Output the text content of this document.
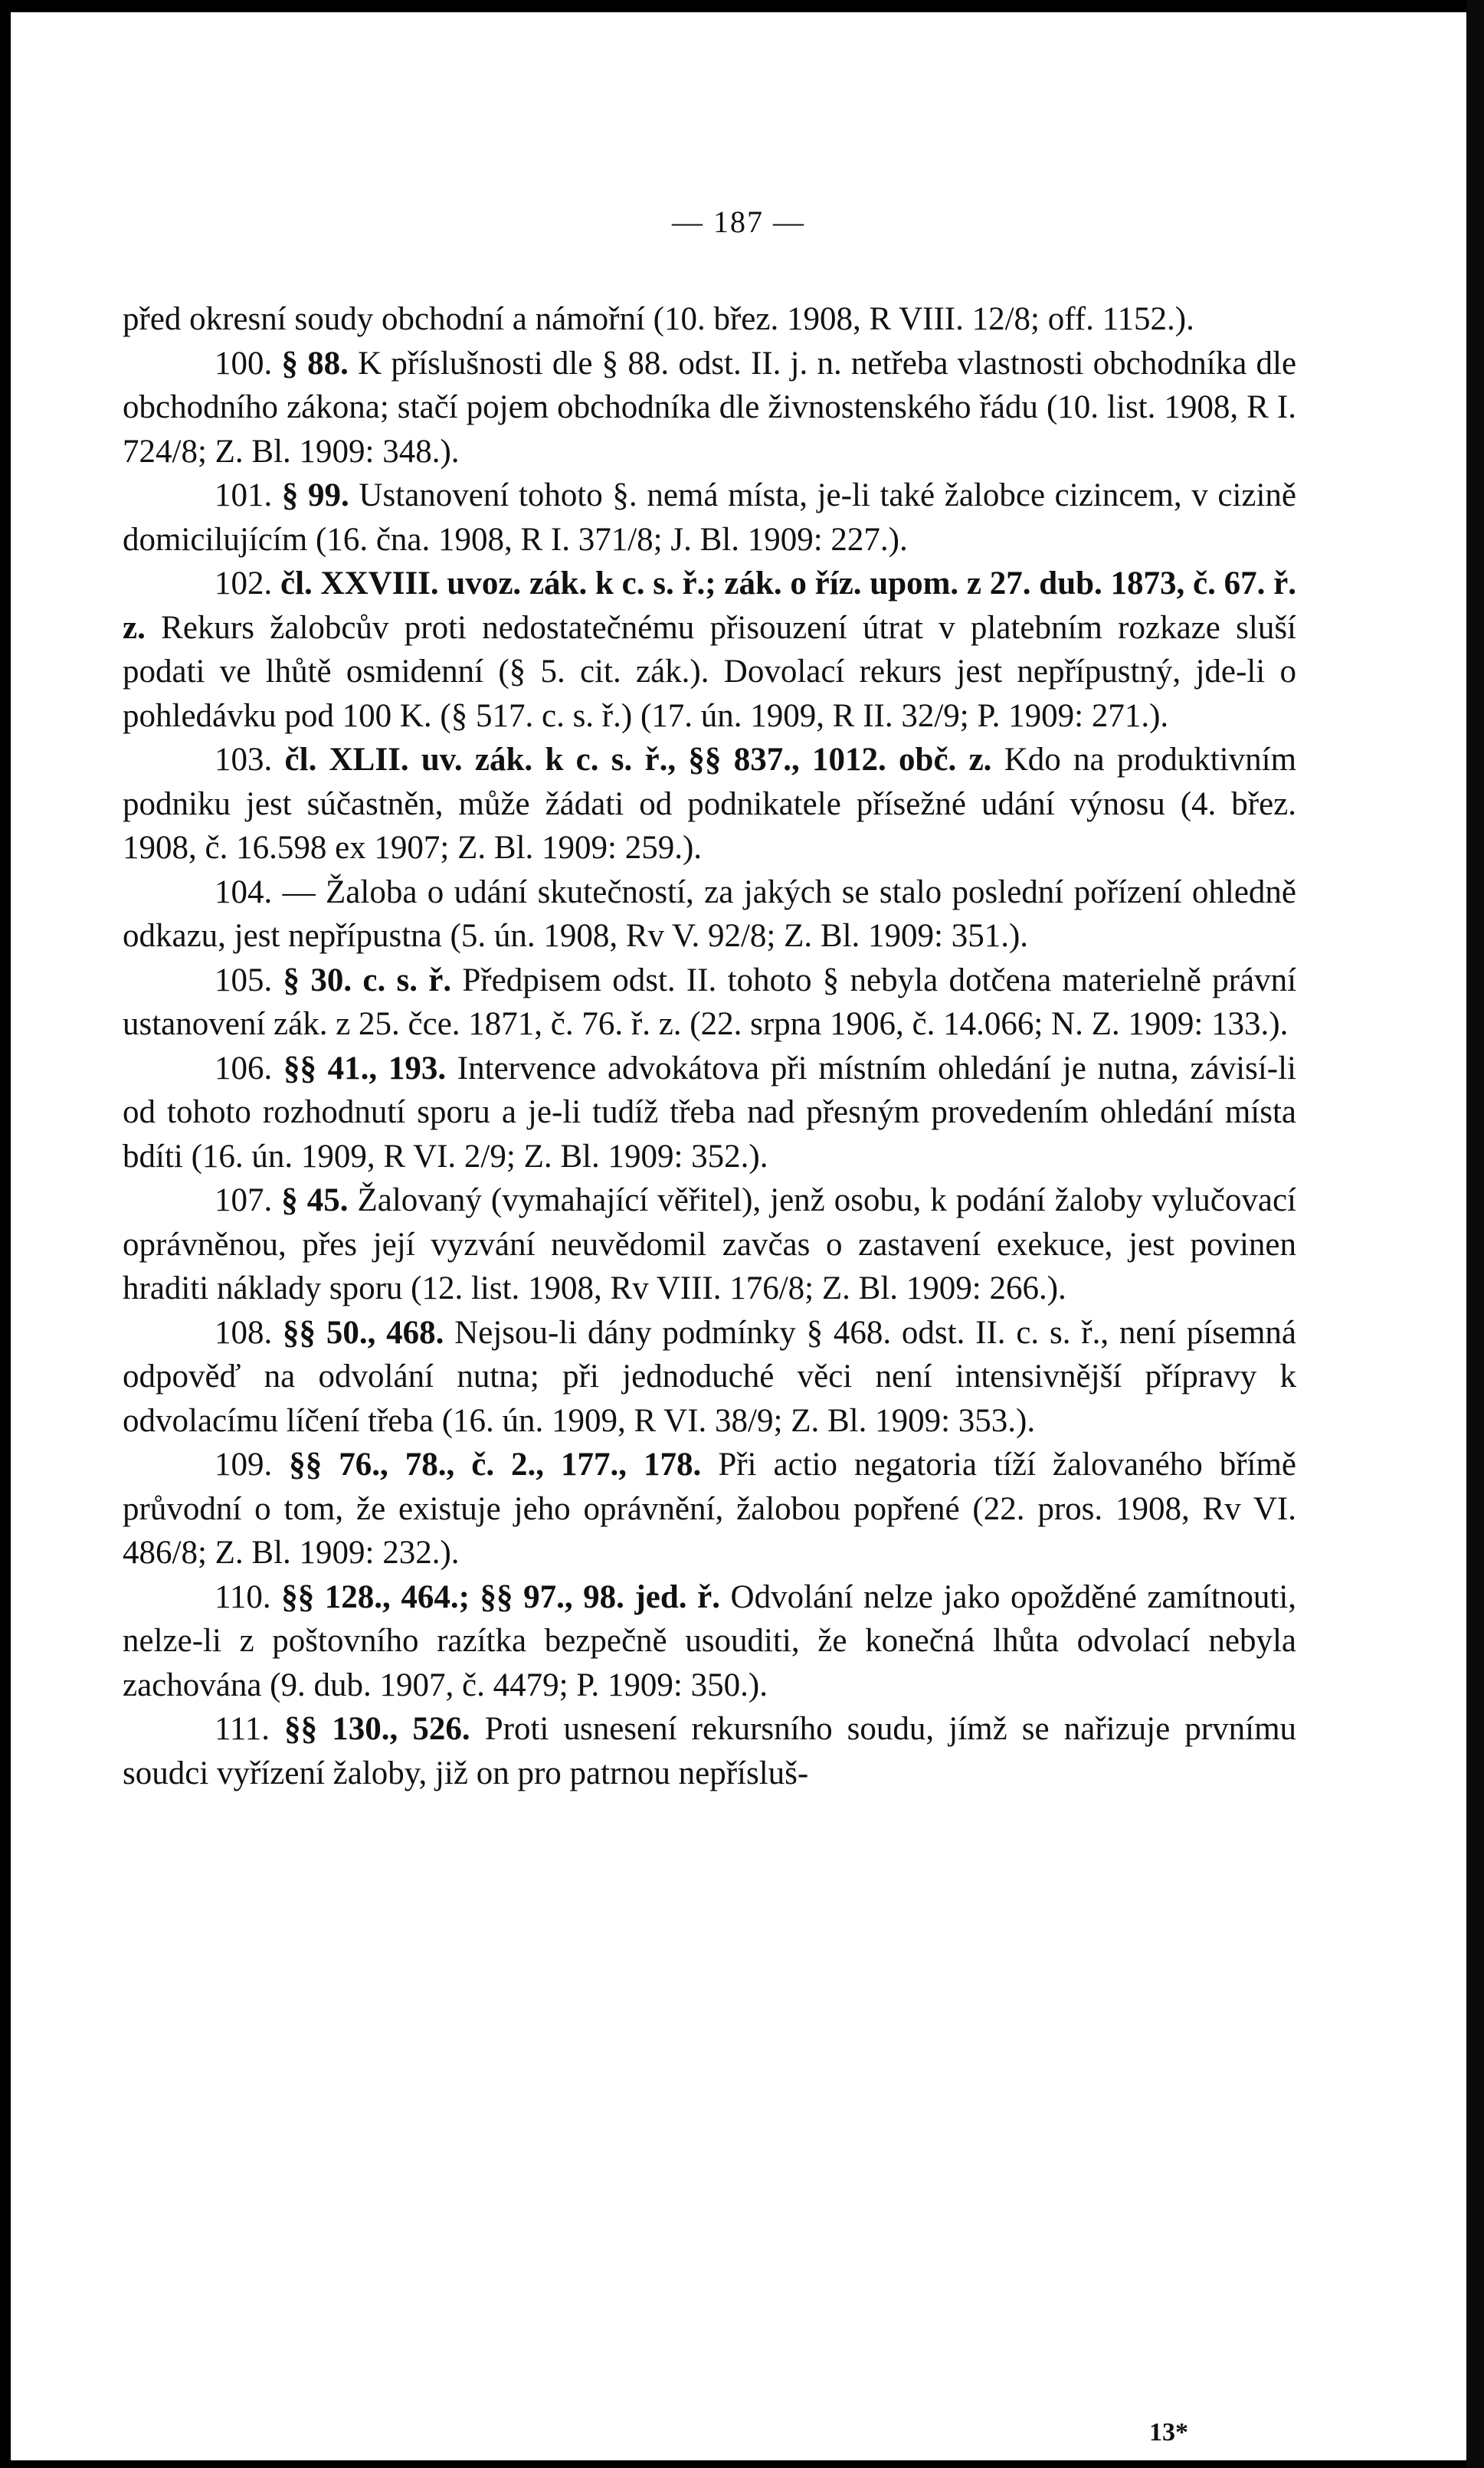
— 187 —

před okresní soudy obchodní a námořní (10. břez. 1908, R VIII. 12/8; off. 1152.).

100. § 88. K příslušnosti dle § 88. odst. II. j. n. netřeba vlastnosti obchodníka dle obchodního zákona; stačí pojem obchodníka dle živnostenského řádu (10. list. 1908, R I. 724/8; Z. Bl. 1909: 348.).

101. § 99. Ustanovení tohoto §. nemá místa, je-li také žalobce cizincem, v cizině domicilujícím (16. čna. 1908, R I. 371/8; J. Bl. 1909: 227.).

102. čl. XXVIII. uvoz. zák. k c. s. ř.; zák. o říz. upom. z 27. dub. 1873, č. 67. ř. z. Rekurs žalobcův proti nedostatečnému přisouzení útrat v platebním rozkaze sluší podati ve lhůtě osmidenní (§ 5. cit. zák.). Dovolací rekurs jest nepřípustný, jde-li o pohledávku pod 100 K. (§ 517. c. s. ř.) (17. ún. 1909, R II. 32/9; P. 1909: 271.).

103. čl. XLII. uv. zák. k c. s. ř., §§ 837., 1012. obč. z. Kdo na produktivním podniku jest súčastněn, může žádati od podnikatele přísežné udání výnosu (4. břez. 1908, č. 16.598 ex 1907; Z. Bl. 1909: 259.).

104. — Žaloba o udání skutečností, za jakých se stalo poslední pořízení ohledně odkazu, jest nepřípustna (5. ún. 1908, Rv V. 92/8; Z. Bl. 1909: 351.).

105. § 30. c. s. ř. Předpisem odst. II. tohoto § nebyla dotčena materielně právní ustanovení zák. z 25. čce. 1871, č. 76. ř. z. (22. srpna 1906, č. 14.066; N. Z. 1909: 133.).

106. §§ 41., 193. Intervence advokátova při místním ohledání je nutna, závisí-li od tohoto rozhodnutí sporu a je-li tudíž třeba nad přesným provedením ohledání místa bdíti (16. ún. 1909, R VI. 2/9; Z. Bl. 1909: 352.).

107. § 45. Žalovaný (vymahající věřitel), jenž osobu, k podání žaloby vylučovací oprávněnou, přes její vyzvání neuvědomil zavčas o zastavení exekuce, jest povinen hraditi náklady sporu (12. list. 1908, Rv VIII. 176/8; Z. Bl. 1909: 266.).

108. §§ 50., 468. Nejsou-li dány podmínky § 468. odst. II. c. s. ř., není písemná odpověď na odvolání nutna; při jednoduché věci není intensivnější přípravy k odvolacímu líčení třeba (16. ún. 1909, R VI. 38/9; Z. Bl. 1909: 353.).

109. §§ 76., 78., č. 2., 177., 178. Při actio negatoria tíží žalovaného břímě průvodní o tom, že existuje jeho oprávnění, žalobou popřené (22. pros. 1908, Rv VI. 486/8; Z. Bl. 1909: 232.).

110. §§ 128., 464.; §§ 97., 98. jed. ř. Odvolání nelze jako opožděné zamítnouti, nelze-li z poštovního razítka bezpečně usouditi, že konečná lhůta odvolací nebyla zachována (9. dub. 1907, č. 4479; P. 1909: 350.).

111. §§ 130., 526. Proti usnesení rekursního soudu, jímž se nařizuje prvnímu soudci vyřízení žaloby, již on pro patrnou nepřísluš-

13*
